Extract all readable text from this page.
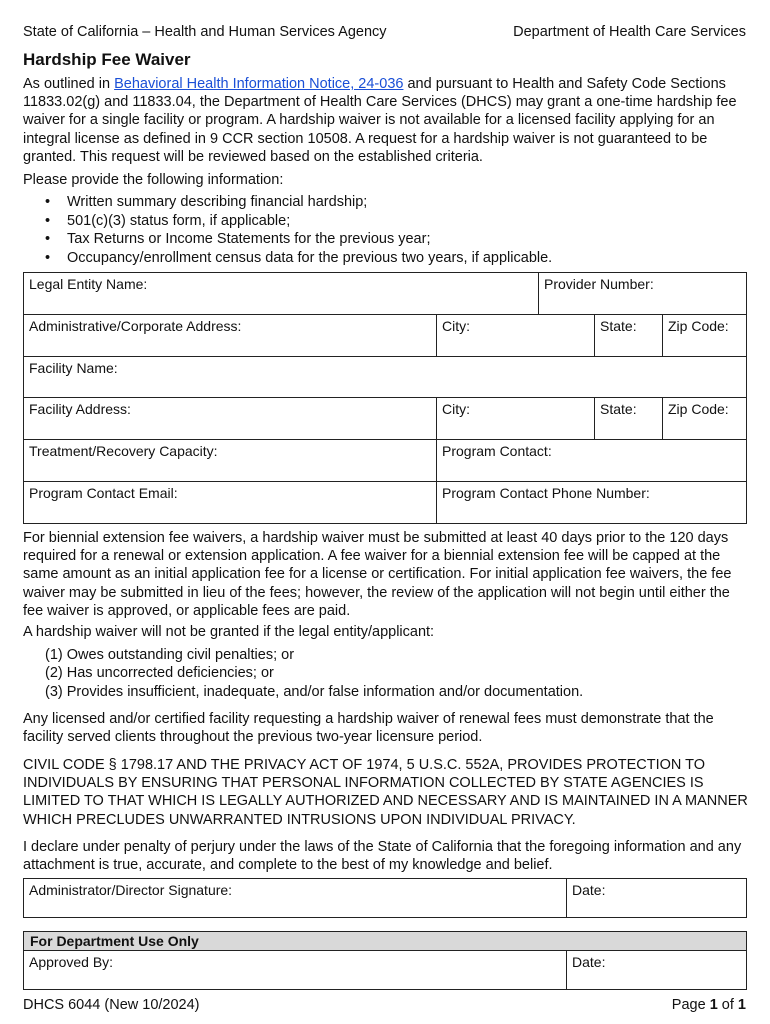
State of California – Health and Human Services Agency	Department of Health Care Services
Hardship Fee Waiver
As outlined in Behavioral Health Information Notice, 24-036 and pursuant to Health and Safety Code Sections 11833.02(g) and 11833.04, the Department of Health Care Services (DHCS) may grant a one-time hardship fee waiver for a single facility or program. A hardship waiver is not available for a licensed facility applying for an integral license as defined in 9 CCR section 10508. A request for a hardship waiver is not guaranteed to be granted. This request will be reviewed based on the established criteria.
Please provide the following information:
• Written summary describing financial hardship;
• 501(c)(3) status form, if applicable;
• Tax Returns or Income Statements for the previous year;
• Occupancy/enrollment census data for the previous two years, if applicable.
Legal Entity Name:	Provider Number:
Administrative/Corporate Address:	City:	State:	Zip Code:
Facility Name:
Facility Address:	City:	State:	Zip Code:
Treatment/Recovery Capacity:	Program Contact:
Program Contact Email:	Program Contact Phone Number:
For biennial extension fee waivers, a hardship waiver must be submitted at least 40 days prior to the 120 days required for a renewal or extension application. A fee waiver for a biennial extension fee will be capped at the same amount as an initial application fee for a license or certification. For initial application fee waivers, the fee waiver may be submitted in lieu of the fees; however, the review of the application will not begin until either the fee waiver is approved, or applicable fees are paid.
A hardship waiver will not be granted if the legal entity/applicant:
(1) Owes outstanding civil penalties; or
(2) Has uncorrected deficiencies; or
(3) Provides insufficient, inadequate, and/or false information and/or documentation.
Any licensed and/or certified facility requesting a hardship waiver of renewal fees must demonstrate that the facility served clients throughout the previous two-year licensure period.
CIVIL CODE § 1798.17 AND THE PRIVACY ACT OF 1974, 5 U.S.C. 552A, PROVIDES PROTECTION TO INDIVIDUALS BY ENSURING THAT PERSONAL INFORMATION COLLECTED BY STATE AGENCIES IS LIMITED TO THAT WHICH IS LEGALLY AUTHORIZED AND NECESSARY AND IS MAINTAINED IN A MANNER WHICH PRECLUDES UNWARRANTED INTRUSIONS UPON INDIVIDUAL PRIVACY.
I declare under penalty of perjury under the laws of the State of California that the foregoing information and any attachment is true, accurate, and complete to the best of my knowledge and belief.
Administrator/Director Signature:	Date:
For Department Use Only
Approved By:	Date:
DHCS 6044 (New 10/2024)	Page 1 of 1
